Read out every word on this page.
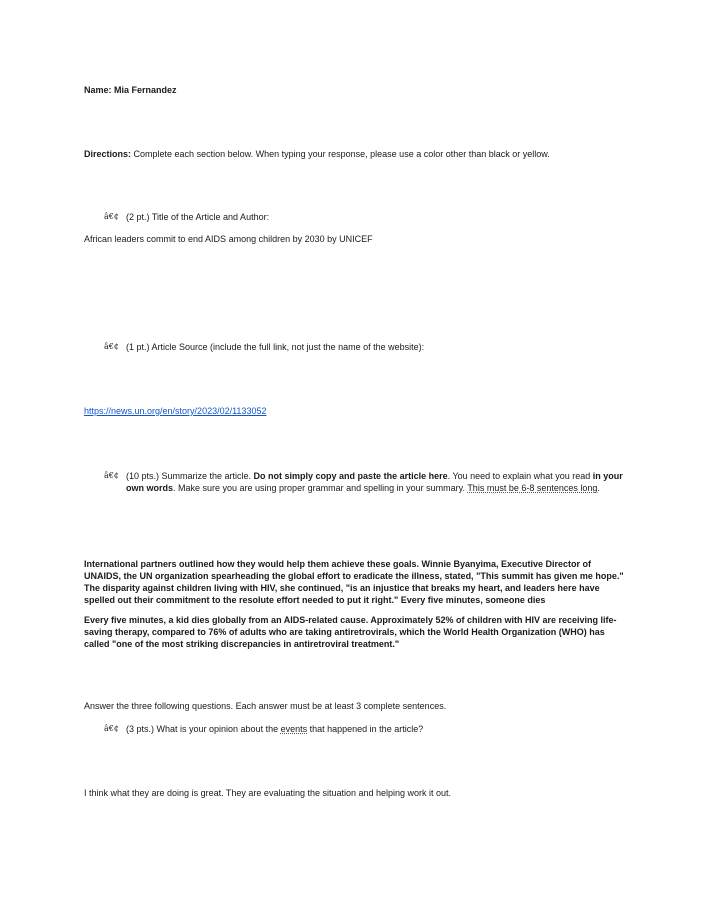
Name: Mia Fernandez
Directions: Complete each section below. When typing your response, please use a color other than black or yellow.
â€¢ (2 pt.) Title of the Article and Author:
African leaders commit to end AIDS among children by 2030 by UNICEF
â€¢ (1 pt.) Article Source (include the full link, not just the name of the website):
https://news.un.org/en/story/2023/02/1133052
â€¢ (10 pts.) Summarize the article. Do not simply copy and paste the article here. You need to explain what you read in your own words. Make sure you are using proper grammar and spelling in your summary. This must be 6-8 sentences long.

International partners outlined how they would help them achieve these goals. Winnie Byanyima, Executive Director of UNAIDS, the UN organization spearheading the global effort to eradicate the illness, stated, "This summit has given me hope." The disparity against children living with HIV, she continued, "is an injustice that breaks my heart, and leaders here have spelled out their commitment to the resolute effort needed to put it right." Every five minutes, someone dies

Every five minutes, a kid dies globally from an AIDS-related cause. Approximately 52% of children with HIV are receiving life-saving therapy, compared to 76% of adults who are taking antiretrovirals, which the World Health Organization (WHO) has called "one of the most striking discrepancies in antiretroviral treatment."

Answer the three following questions. Each answer must be at least 3 complete sentences.
â€¢ (3 pts.) What is your opinion about the events that happened in the article?
I think what they are doing is great. They are evaluating the situation and helping work it out.
